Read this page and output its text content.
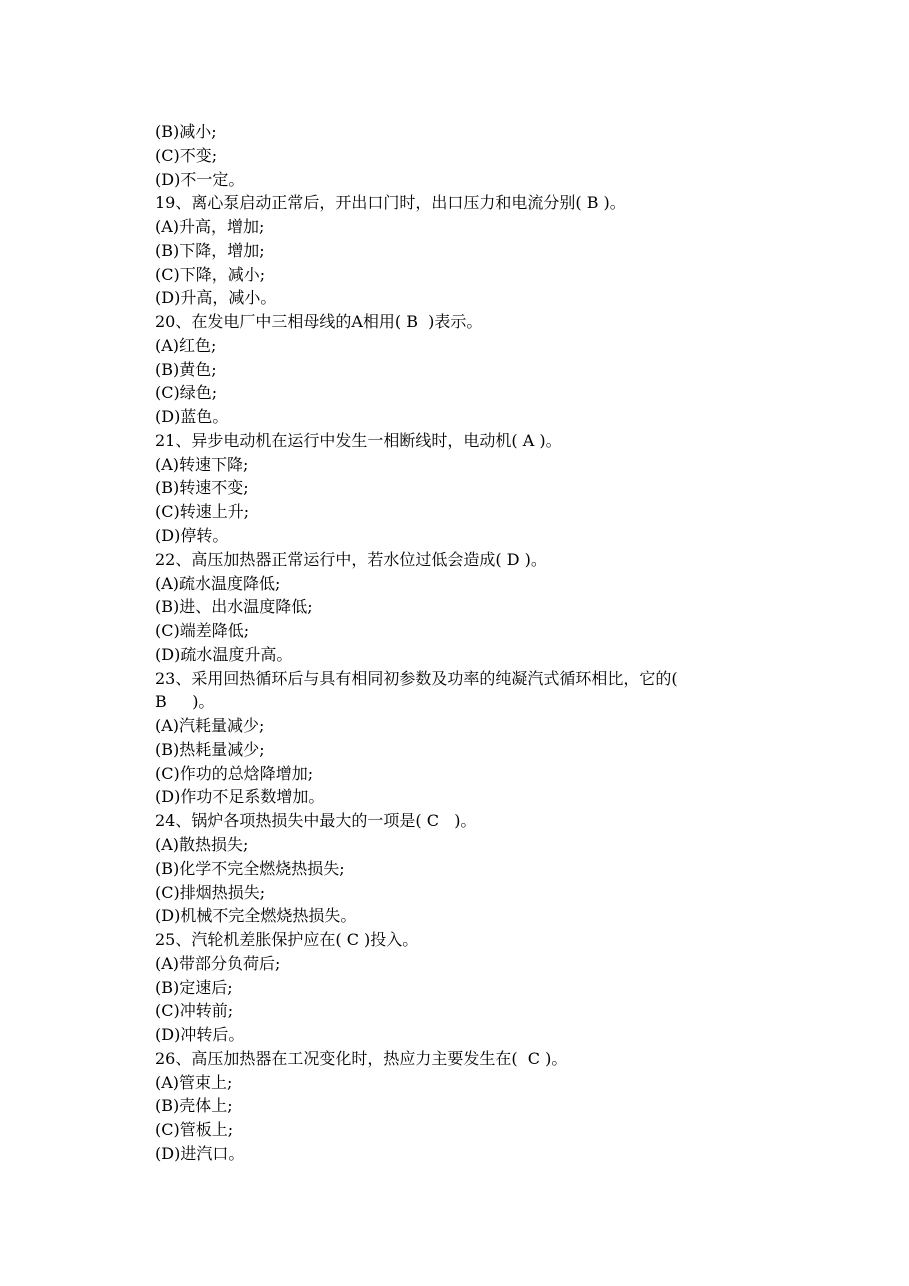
(B)减小;
(C)不变;
(D)不一定。
19、离心泵启动正常后，开出口门时，出口压力和电流分别( B )。
(A)升高，增加;
(B)下降，增加;
(C)下降，减小;
(D)升高，减小。
20、在发电厂中三相母线的A相用( B  )表示。
(A)红色;
(B)黄色;
(C)绿色;
(D)蓝色。
21、异步电动机在运行中发生一相断线时，电动机( A )。
(A)转速下降;
(B)转速不变;
(C)转速上升;
(D)停转。
22、高压加热器正常运行中，若水位过低会造成( D )。
(A)疏水温度降低;
(B)进、出水温度降低;
(C)端差降低;
(D)疏水温度升高。
23、采用回热循环后与具有相同初参数及功率的纯凝汽式循环相比，它的(
B     )。
(A)汽耗量减少;
(B)热耗量减少;
(C)作功的总焓降增加;
(D)作功不足系数增加。
24、锅炉各项热损失中最大的一项是( C   )。
(A)散热损失;
(B)化学不完全燃烧热损失;
(C)排烟热损失;
(D)机械不完全燃烧热损失。
25、汽轮机差胀保护应在( C )投入。
(A)带部分负荷后;
(B)定速后;
(C)冲转前;
(D)冲转后。
26、高压加热器在工况变化时，热应力主要发生在(  C )。
(A)管束上;
(B)壳体上;
(C)管板上;
(D)进汽口。
